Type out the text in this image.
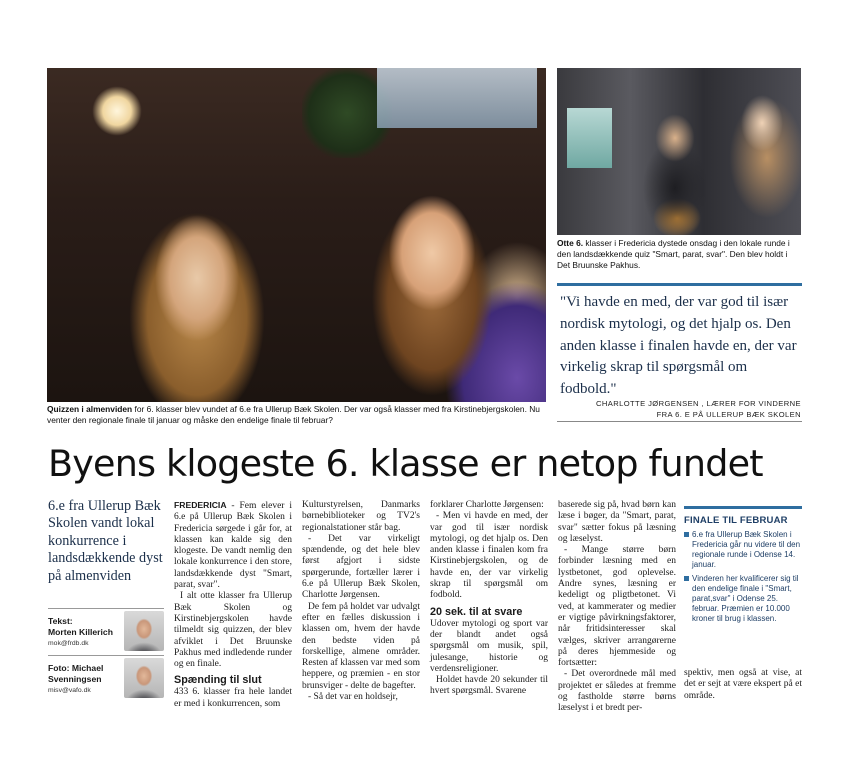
Quizzen i almenviden for 6. klasser blev vundet af 6.e fra Ullerup Bæk Skolen. Der var også klasser med fra Kirstinebjergskolen. Nu venter den regionale finale til januar og måske den endelige finale til februar?
Otte 6. klasser i Fredericia dystede onsdag i den lokale runde i den landsdækkende quiz "Smart, parat, svar". Den blev holdt i Det Bruunske Pakhus.
"Vi havde en med, der var god til især nordisk mytologi, og det hjalp os. Den anden klasse i finalen havde en, der var virkelig skrap til spørgsmål om fodbold."
CHARLOTTE JØRGENSEN , LÆRER FOR VINDERNE
FRA 6. E PÅ ULLERUP BÆK SKOLEN
Byens klogeste 6. klasse er netop fundet
6.e fra Ullerup Bæk Skolen vandt lokal konkurrence i landsdækkende dyst på almenviden
Tekst:
Morten Killerich
mok@frdb.dk
Foto: Michael
Svenningsen
misv@vafo.dk

FREDERICIA - Fem elever i 6.e på Ullerup Bæk Skolen i Fredericia sørgede i går for, at klassen kan kalde sig den klogeste. De vandt nemlig den lokale konkurrence i den store, landsdækkende dyst "Smart, parat, svar".

I alt otte klasser fra Ullerup Bæk Skolen og Kirstinebjergskolen havde tilmeldt sig quizzen, der blev afviklet i Det Bruunske Pakhus med indledende runder og en finale.

Spænding til slut

433 6. klasser fra hele landet er med i konkurrencen, som

Kulturstyrelsen, Danmarks børnebiblioteker og TV2's regionalstationer står bag.

- Det var virkeligt spændende, og det hele blev først afgjort i sidste spørgerunde, fortæller lærer i 6.e på Ullerup Bæk Skolen, Charlotte Jørgensen.

De fem på holdet var udvalgt efter en fælles diskussion i klassen om, hvem der havde den bedste viden på forskellige, almene områder. Resten af klassen var med som heppere, og præmien - en stor brunsviger - delte de bagefter.

- Så det var en holdsejr,

forklarer Charlotte Jørgensen:

- Men vi havde en med, der var god til især nordisk mytologi, og det hjalp os. Den anden klasse i finalen kom fra Kirstinebjergskolen, og de havde en, der var virkelig skrap til spørgsmål om fodbold.

20 sek. til at svare

Udover mytologi og sport var der blandt andet også spørgsmål om musik, spil, julesange, historie og verdensreligioner.

Holdet havde 20 sekunder til hvert spørgsmål. Svarene

baserede sig på, hvad børn kan læse i bøger, da "Smart, parat, svar" sætter fokus på læsning og læselyst.

- Mange større børn forbinder læsning med en lystbetonet, god oplevelse. Andre synes, læsning er kedeligt og pligtbetonet. Vi ved, at kammerater og medier er vigtige påvirkningsfaktorer, når fritidsinteresser skal vælges, skriver arrangørerne på deres hjemmeside og fortsætter:

- Det overordnede mål med projektet er således at fremme og fastholde større børns læselyst i et bredt per-

FINALE TIL FEBRUAR
6.e fra Ullerup Bæk Skolen i Fredericia går nu videre til den regionale runde i Odense 14. januar.
Vinderen her kvalificerer sig til den endelige finale i "Smart, parat,svar" i Odense 25. februar. Præmien er 10.000 kroner til brug i klassen.
spektiv, men også at vise, at det er sejt at være ekspert på et område.
